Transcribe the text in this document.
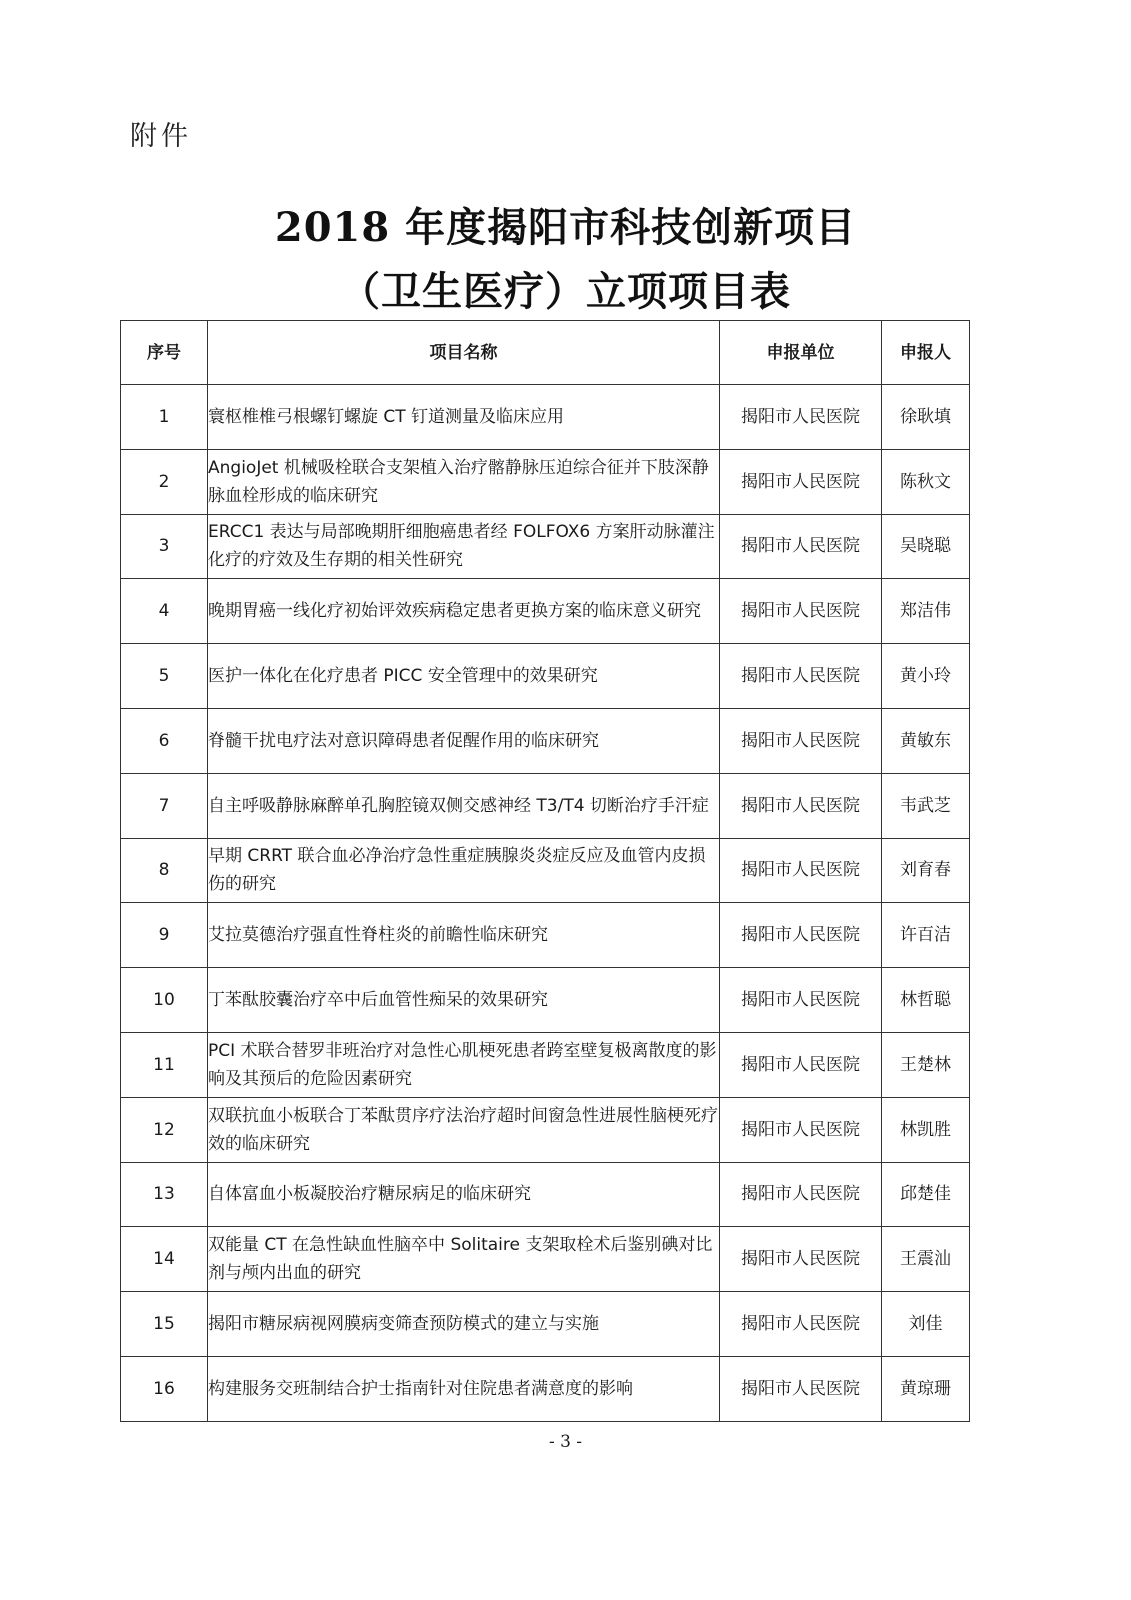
附件
2018 年度揭阳市科技创新项目
（卫生医疗）立项项目表
序号	项目名称	申报单位	申报人
1	寰枢椎椎弓根螺钉螺旋 CT 钉道测量及临床应用	揭阳市人民医院	徐耿填
2	AngioJet 机械吸栓联合支架植入治疗髂静脉压迫综合征并下肢深静脉血栓形成的临床研究	揭阳市人民医院	陈秋文
3	ERCC1 表达与局部晚期肝细胞癌患者经 FOLFOX6 方案肝动脉灌注化疗的疗效及生存期的相关性研究	揭阳市人民医院	吴晓聪
4	晚期胃癌一线化疗初始评效疾病稳定患者更换方案的临床意义研究	揭阳市人民医院	郑洁伟
5	医护一体化在化疗患者 PICC 安全管理中的效果研究	揭阳市人民医院	黄小玲
6	脊髓干扰电疗法对意识障碍患者促醒作用的临床研究	揭阳市人民医院	黄敏东
7	自主呼吸静脉麻醉单孔胸腔镜双侧交感神经 T3/T4 切断治疗手汗症	揭阳市人民医院	韦武芝
8	早期 CRRT 联合血必净治疗急性重症胰腺炎炎症反应及血管内皮损伤的研究	揭阳市人民医院	刘育春
9	艾拉莫德治疗强直性脊柱炎的前瞻性临床研究	揭阳市人民医院	许百洁
10	丁苯酞胶囊治疗卒中后血管性痴呆的效果研究	揭阳市人民医院	林哲聪
11	PCI 术联合替罗非班治疗对急性心肌梗死患者跨室壁复极离散度的影响及其预后的危险因素研究	揭阳市人民医院	王楚林
12	双联抗血小板联合丁苯酞贯序疗法治疗超时间窗急性进展性脑梗死疗效的临床研究	揭阳市人民医院	林凯胜
13	自体富血小板凝胶治疗糖尿病足的临床研究	揭阳市人民医院	邱楚佳
14	双能量 CT 在急性缺血性脑卒中 Solitaire 支架取栓术后鉴别碘对比剂与颅内出血的研究	揭阳市人民医院	王震汕
15	揭阳市糖尿病视网膜病变筛查预防模式的建立与实施	揭阳市人民医院	刘佳
16	构建服务交班制结合护士指南针对住院患者满意度的影响	揭阳市人民医院	黄琼珊
- 3 -
